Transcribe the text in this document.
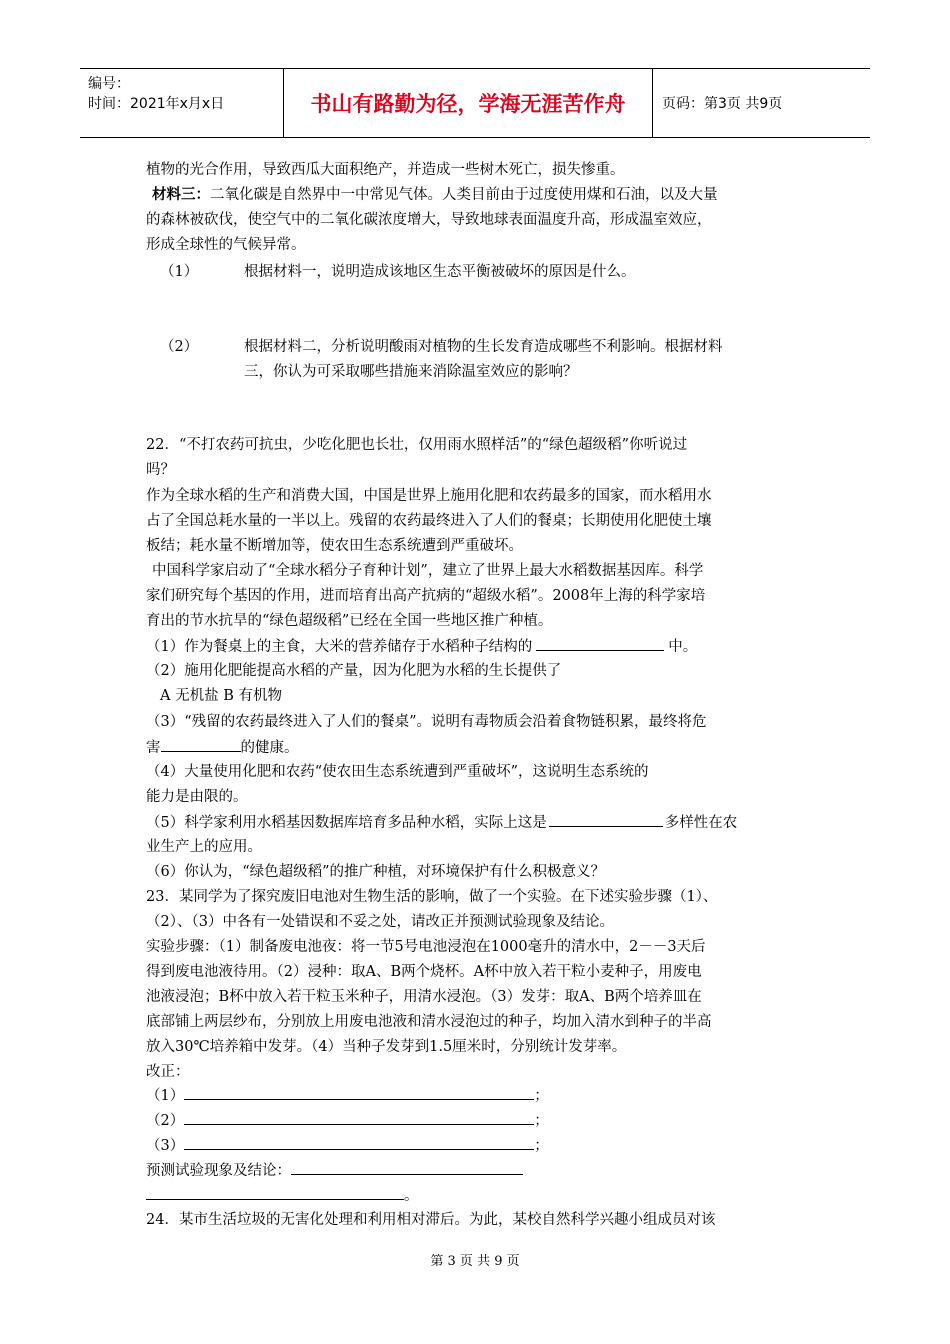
编号：
时间：2021年x月x日	书山有路勤为径，学海无涯苦作舟	页码：第3页 共9页
植物的光合作用，导致西瓜大面积绝产，并造成一些树木死亡，损失惨重。
材料三：二氧化碳是自然界中一中常见气体。人类目前由于过度使用煤和石油，以及大量
的森林被砍伐，使空气中的二氧化碳浓度增大，导致地球表面温度升高，形成温室效应，
形成全球性的气候异常。
（1）	根据材料一，说明造成该地区生态平衡被破坏的原因是什么。
（2）	根据材料二，分析说明酸雨对植物的生长发育造成哪些不利影响。根据材料
三，你认为可采取哪些措施来消除温室效应的影响？
22．“不打农药可抗虫，少吃化肥也长壮，仅用雨水照样活”的“绿色超级稻”你听说过
吗？
作为全球水稻的生产和消费大国，中国是世界上施用化肥和农药最多的国家，而水稻用水
占了全国总耗水量的一半以上。残留的农药最终进入了人们的餐桌；长期使用化肥使土壤
板结；耗水量不断增加等，使农田生态系统遭到严重破坏。
中国科学家启动了“全球水稻分子育种计划”，建立了世界上最大水稻数据基因库。科学
家们研究每个基因的作用，进而培育出高产抗病的“超级水稻”。2008年上海的科学家培
育出的节水抗旱的“绿色超级稻”已经在全国一些地区推广种植。
（1）作为餐桌上的主食，大米的营养储存于水稻种子结构的	中。
（2）施用化肥能提高水稻的产量，因为化肥为水稻的生长提供了
A 无机盐 B 有机物
（3）“残留的农药最终进入了人们的餐桌”。说明有毒物质会沿着食物链积累，最终将危
害	的健康。
（4）大量使用化肥和农药“使农田生态系统遭到严重破坏”，这说明生态系统的
能力是由限的。
（5）科学家利用水稻基因数据库培育多品种水稻，实际上这是	多样性在农
业生产上的应用。
（6）你认为，“绿色超级稻”的推广种植，对环境保护有什么积极意义？
23．某同学为了探究废旧电池对生物生活的影响，做了一个实验。在下述实验步骤（1）、
（2）、（3）中各有一处错误和不妥之处，请改正并预测试验现象及结论。
实验步骤：（1）制备废电池夜：将一节5号电池浸泡在1000毫升的清水中，2－－3天后
得到废电池液待用。（2）浸种：取A、B两个烧杯。A杯中放入若干粒小麦种子，用废电
池液浸泡；B杯中放入若干粒玉米种子，用清水浸泡。（3）发芽：取A、B两个培养皿在
底部铺上两层纱布，分别放上用废电池液和清水浸泡过的种子，均加入清水到种子的半高
放入30℃培养箱中发芽。（4）当种子发芽到1.5厘米时，分别统计发芽率。
改正：
（1）	；
（2）	；
（3）	；
预测试验现象及结论：
。
24．某市生活垃圾的无害化处理和利用相对滞后。为此，某校自然科学兴趣小组成员对该
第 3 页 共 9 页
